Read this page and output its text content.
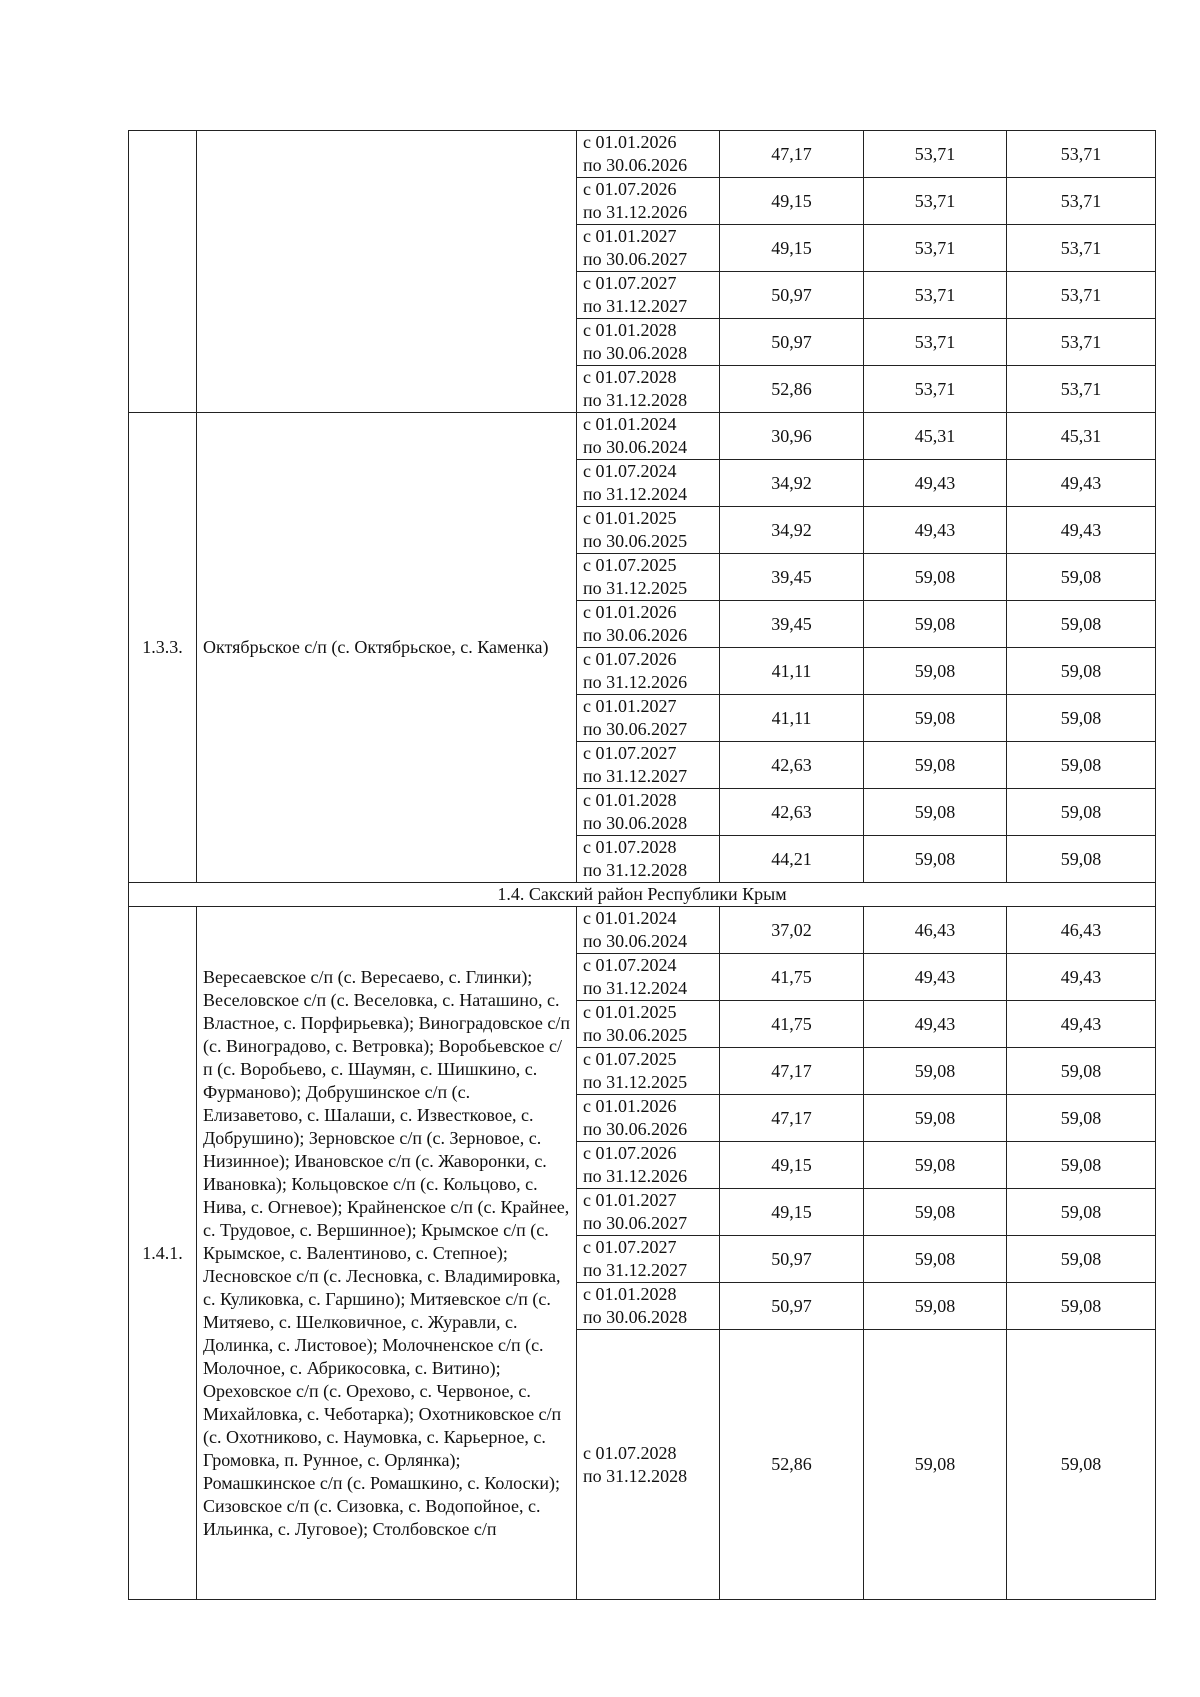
		с 01.01.2026
по 30.06.2026	47,17	53,71	53,71

		с 01.07.2026
по 31.12.2026	49,15	53,71	53,71

		с 01.01.2027
по 30.06.2027	49,15	53,71	53,71

		с 01.07.2027
по 31.12.2027	50,97	53,71	53,71

		с 01.01.2028
по 30.06.2028	50,97	53,71	53,71

		с 01.07.2028
по 31.12.2028	52,86	53,71	53,71
1.3.3.	Октябрьское с/п (с. Октябрьское, с. Каменка)	с 01.01.2024
по 30.06.2024	30,96	45,31	45,31

		с 01.07.2024
по 31.12.2024	34,92	49,43	49,43

		с 01.01.2025
по 30.06.2025	34,92	49,43	49,43

		с 01.07.2025
по 31.12.2025	39,45	59,08	59,08

		с 01.01.2026
по 30.06.2026	39,45	59,08	59,08

		с 01.07.2026
по 31.12.2026	41,11	59,08	59,08

		с 01.01.2027
по 30.06.2027	41,11	59,08	59,08

		с 01.07.2027
по 31.12.2027	42,63	59,08	59,08

		с 01.01.2028
по 30.06.2028	42,63	59,08	59,08

		с 01.07.2028
по 31.12.2028	44,21	59,08	59,08
1.4. Сакский район Республики Крым					
1.4.1.	Вересаевское с/п (с. Вересаево, с. Глинки); Веселовское с/п (с. Веселовка, с. Наташино, с. Властное, с. Порфирьевка); Виноградовское с/п (с. Виноградово, с. Ветровка); Воробьевское с/п (с. Воробьево, с. Шаумян, с. Шишкино, с. Фурманово); Добрушинское с/п (с. Елизаветово, с. Шалаши, с. Известковое, с. Добрушино); Зерновское с/п (с. Зерновое, с. Низинное); Ивановское с/п (с. Жаворонки, с. Ивановка); Кольцовское с/п (с. Кольцово, с. Нива, с. Огневое); Крайненское с/п (с. Крайнее, с. Трудовое, с. Вершинное); Крымское с/п (с. Крымское, с. Валентиново, с. Степное); Лесновское с/п (с. Лесновка, с. Владимировка, с. Куликовка, с. Гаршино); Митяевское с/п (с. Митяево, с. Шелковичное, с. Журавли, с. Долинка, с. Листовое); Молочненское с/п (с. Молочное, с. Абрикосовка, с. Витино); Ореховское с/п (с. Орехово, с. Червоное, с. Михайловка, с. Чеботарка); Охотниковское с/п (с. Охотниково, с. Наумовка, с. Карьерное, с. Громовка, п. Рунное, с. Орлянка); Ромашкинское с/п (с. Ромашкино, с. Колоски); Сизовское с/п (с. Сизовка, с. Водопойное, с. Ильинка, с. Луговое); Столбовское с/п	с 01.01.2024
по 30.06.2024	37,02	46,43	46,43

		с 01.07.2024
по 31.12.2024	41,75	49,43	49,43

		с 01.01.2025
по 30.06.2025	41,75	49,43	49,43

		с 01.07.2025
по 31.12.2025	47,17	59,08	59,08

		с 01.01.2026
по 30.06.2026	47,17	59,08	59,08

		с 01.07.2026
по 31.12.2026	49,15	59,08	59,08

		с 01.01.2027
по 30.06.2027	49,15	59,08	59,08

		с 01.07.2027
по 31.12.2027	50,97	59,08	59,08

		с 01.01.2028
по 30.06.2028	50,97	59,08	59,08

		с 01.07.2028
по 31.12.2028	52,86	59,08	59,08
